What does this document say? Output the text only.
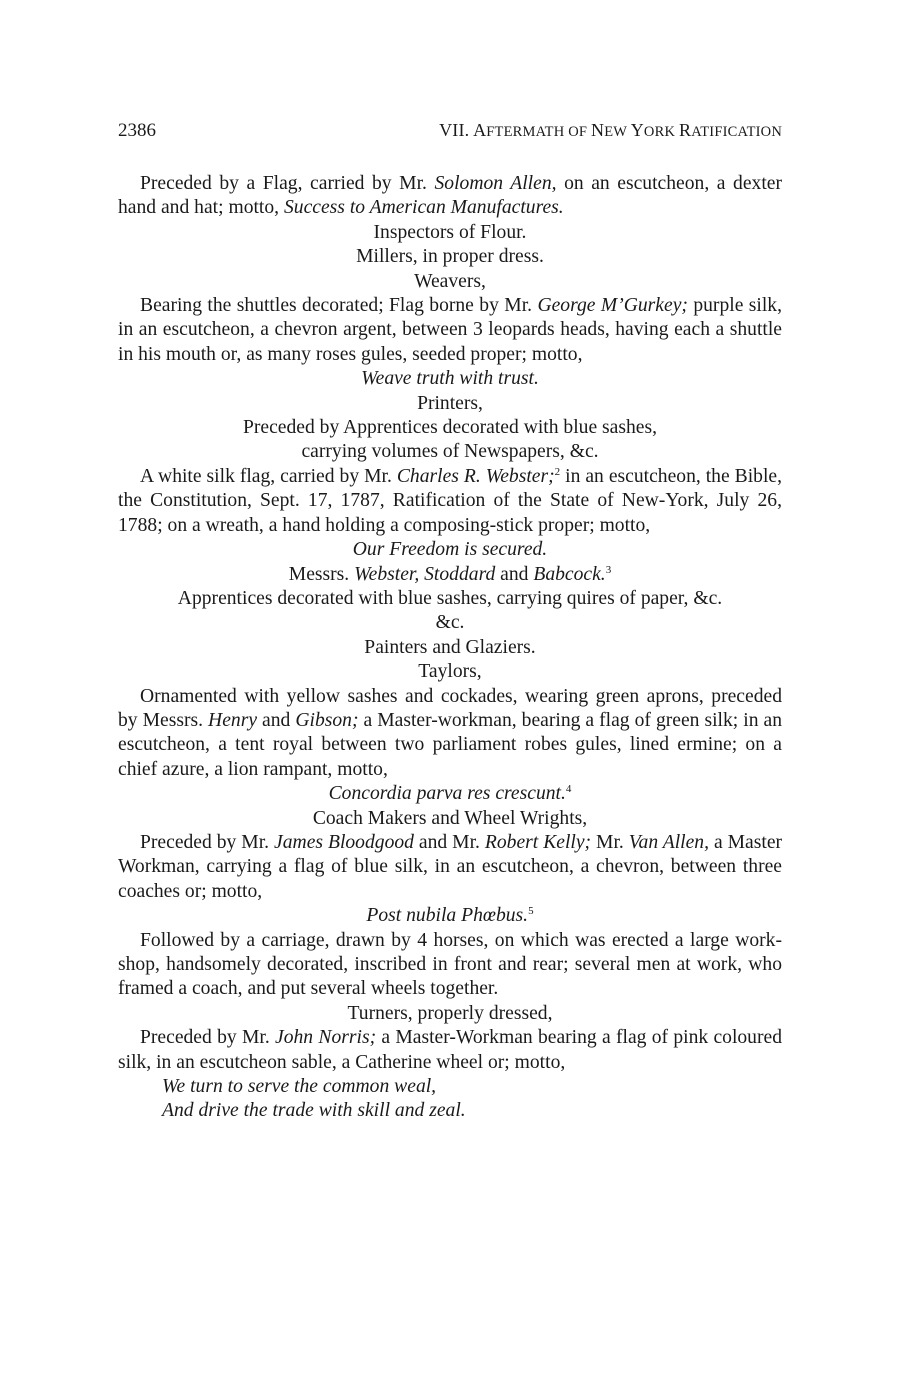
2386	VII. AFTERMATH OF NEW YORK RATIFICATION

Preceded by a Flag, carried by Mr. Solomon Allen, on an escutcheon, a dexter hand and hat; motto, Success to American Manufactures.

Inspectors of Flour.

Millers, in proper dress.

Weavers,

Bearing the shuttles decorated; Flag borne by Mr. George M’Gurkey; purple silk, in an escutcheon, a chevron argent, between 3 leopards heads, having each a shuttle in his mouth or, as many roses gules, seeded proper; motto,

Weave truth with trust.

Printers,

Preceded by Apprentices decorated with blue sashes,

carrying volumes of Newspapers, &c.

A white silk flag, carried by Mr. Charles R. Webster;$^2$ in an escutcheon, the Bible, the Constitution, Sept. 17, 1787, Ratification of the State of New-York, July 26, 1788; on a wreath, a hand holding a composing-stick proper; motto,

Our Freedom is secured.

Messrs. Webster, Stoddard and Babcock.$^3$

Apprentices decorated with blue sashes, carrying quires of paper, &c.

&c.

Painters and Glaziers.

Taylors,

Ornamented with yellow sashes and cockades, wearing green aprons, preceded by Messrs. Henry and Gibson; a Master-workman, bearing a flag of green silk; in an escutcheon, a tent royal between two parliament robes gules, lined ermine; on a chief azure, a lion rampant, motto,

Concordia parva res crescunt.$^4$

Coach Makers and Wheel Wrights,

Preceded by Mr. James Bloodgood and Mr. Robert Kelly; Mr. Van Allen, a Master Workman, carrying a flag of blue silk, in an escutcheon, a chevron, between three coaches or; motto,

Post nubila Phœbus.$^5$

Followed by a carriage, drawn by 4 horses, on which was erected a large work-shop, handsomely decorated, inscribed in front and rear; several men at work, who framed a coach, and put several wheels together.

Turners, properly dressed,

Preceded by Mr. John Norris; a Master-Workman bearing a flag of pink coloured silk, in an escutcheon sable, a Catherine wheel or; motto,

We turn to serve the common weal,

And drive the trade with skill and zeal.
